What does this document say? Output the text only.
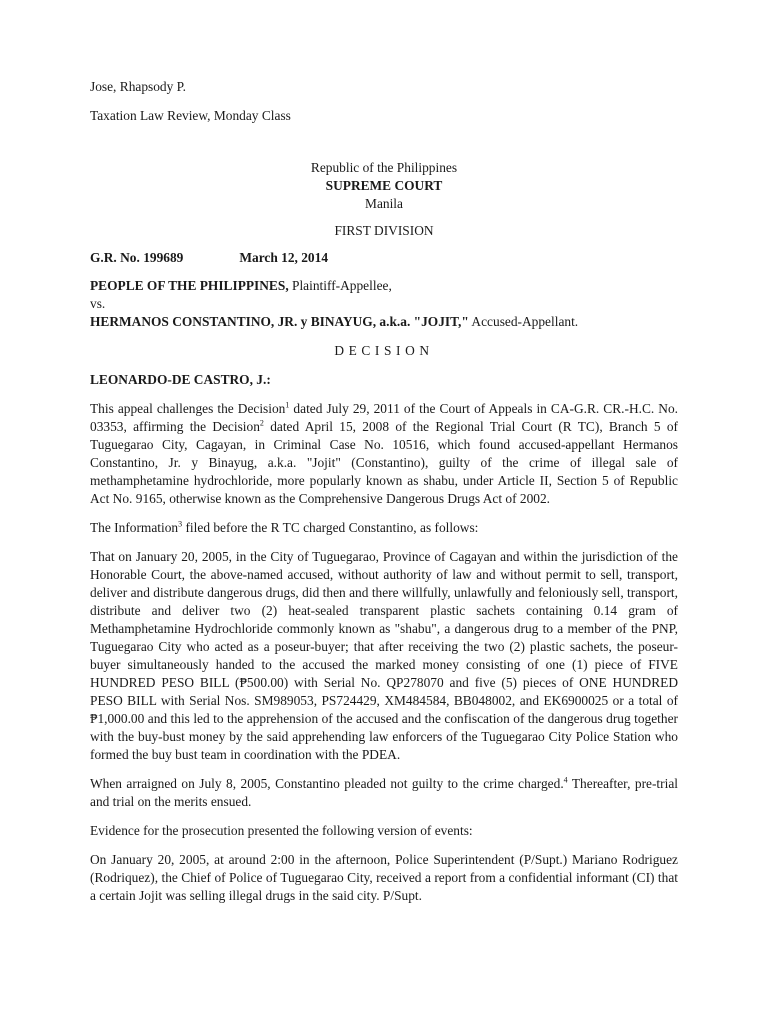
Jose, Rhapsody P.

Taxation Law Review, Monday Class

Republic of the Philippines

SUPREME COURT

Manila

FIRST DIVISION

G.R. No. 199689	March 12, 2014

PEOPLE OF THE PHILIPPINES, Plaintiff-Appellee,

vs.

HERMANOS CONSTANTINO, JR. y BINAYUG, a.k.a. "JOJIT," Accused-Appellant.

DECISION

LEONARDO-DE CASTRO, J.:

This appeal challenges the Decision$^1$ dated July 29, 2011 of the Court of Appeals in CA-G.R. CR.-H.C. No. 03353, affirming the Decision$^2$ dated April 15, 2008 of the Regional Trial Court (R TC), Branch 5 of Tuguegarao City, Cagayan, in Criminal Case No. 10516, which found accused-appellant Hermanos Constantino, Jr. y Binayug, a.k.a. "Jojit" (Constantino), guilty of the crime of illegal sale of methamphetamine hydrochloride, more popularly known as shabu, under Article II, Section 5 of Republic Act No. 9165, otherwise known as the Comprehensive Dangerous Drugs Act of 2002.

The Information$^3$ filed before the R TC charged Constantino, as follows:

That on January 20, 2005, in the City of Tuguegarao, Province of Cagayan and within the jurisdiction of the Honorable Court, the above-named accused, without authority of law and without permit to sell, transport, deliver and distribute dangerous drugs, did then and there willfully, unlawfully and feloniously sell, transport, distribute and deliver two (2) heat-sealed transparent plastic sachets containing 0.14 gram of Methamphetamine Hydrochloride commonly known as "shabu", a dangerous drug to a member of the PNP, Tuguegarao City who acted as a poseur-buyer; that after receiving the two (2) plastic sachets, the poseur-buyer simultaneously handed to the accused the marked money consisting of one (1) piece of FIVE HUNDRED PESO BILL (₱500.00) with Serial No. QP278070 and five (5) pieces of ONE HUNDRED PESO BILL with Serial Nos. SM989053, PS724429, XM484584, BB048002, and EK6900025 or a total of ₱1,000.00 and this led to the apprehension of the accused and the confiscation of the dangerous drug together with the buy-bust money by the said apprehending law enforcers of the Tuguegarao City Police Station who formed the buy bust team in coordination with the PDEA.

When arraigned on July 8, 2005, Constantino pleaded not guilty to the crime charged.$^4$ Thereafter, pre-trial and trial on the merits ensued.

Evidence for the prosecution presented the following version of events:

On January 20, 2005, at around 2:00 in the afternoon, Police Superintendent (P/Supt.) Mariano Rodriguez (Rodriquez), the Chief of Police of Tuguegarao City, received a report from a confidential informant (CI) that a certain Jojit was selling illegal drugs in the said city. P/Supt.
